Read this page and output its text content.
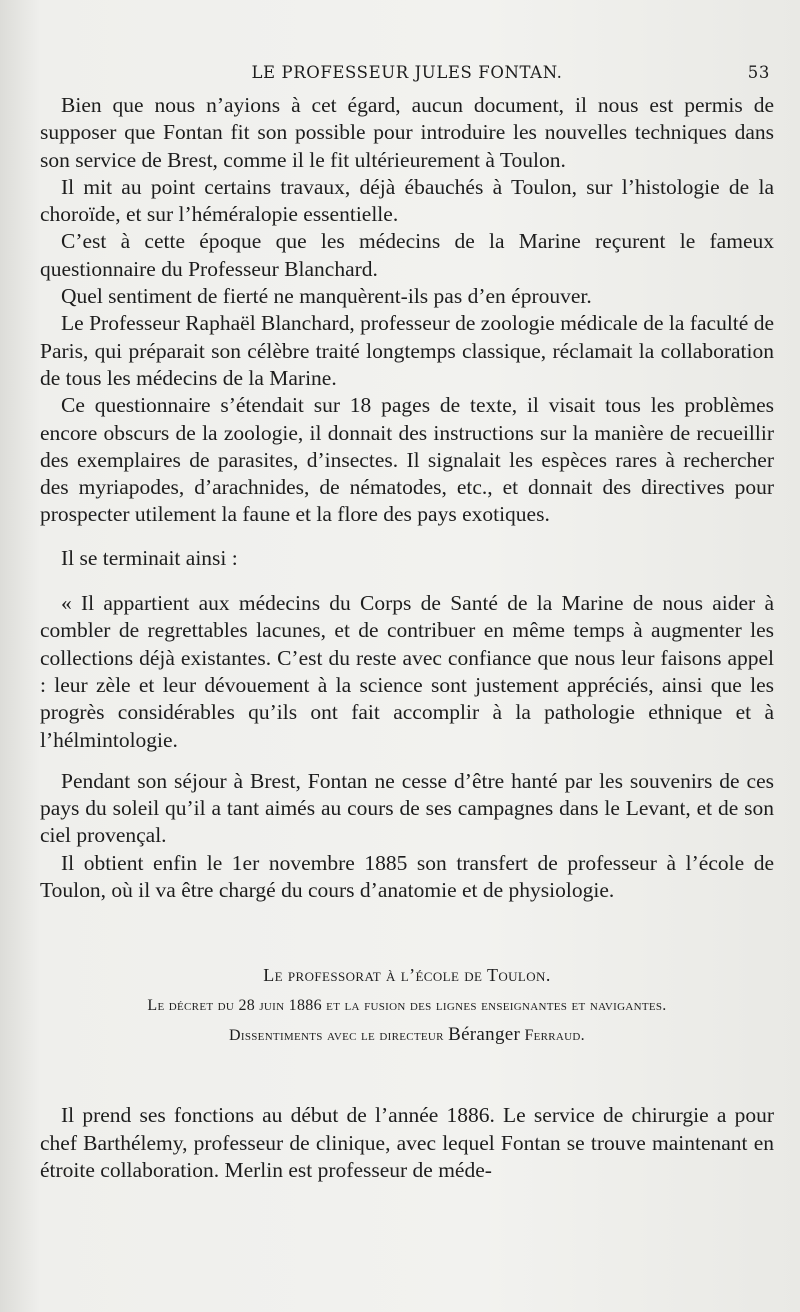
LE PROFESSEUR JULES FONTAN.	53

Bien que nous n’ayions à cet égard, aucun document, il nous est permis de supposer que Fontan fit son possible pour introduire les nouvelles techniques dans son service de Brest, comme il le fit ultérieurement à Toulon.

Il mit au point certains travaux, déjà ébauchés à Toulon, sur l’histologie de la choroïde, et sur l’héméralopie essentielle.

C’est à cette époque que les médecins de la Marine reçurent le fameux questionnaire du Professeur Blanchard.

Quel sentiment de fierté ne manquèrent-ils pas d’en éprouver.

Le Professeur Raphaël Blanchard, professeur de zoologie médicale de la faculté de Paris, qui préparait son célèbre traité longtemps classique, réclamait la collaboration de tous les médecins de la Marine.

Ce questionnaire s’étendait sur 18 pages de texte, il visait tous les problèmes encore obscurs de la zoologie, il donnait des instructions sur la manière de recueillir des exemplaires de parasites, d’insectes. Il signalait les espèces rares à rechercher des myriapodes, d’arachnides, de nématodes, etc., et donnait des directives pour prospecter utilement la faune et la flore des pays exotiques.

Il se terminait ainsi :

« Il appartient aux médecins du Corps de Santé de la Marine de nous aider à combler de regrettables lacunes, et de contribuer en même temps à augmenter les collections déjà existantes. C’est du reste avec confiance que nous leur faisons appel : leur zèle et leur dévouement à la science sont justement appréciés, ainsi que les progrès considérables qu’ils ont fait accomplir à la pathologie ethnique et à l’hélmintologie.

Pendant son séjour à Brest, Fontan ne cesse d’être hanté par les souvenirs de ces pays du soleil qu’il a tant aimés au cours de ses campagnes dans le Levant, et de son ciel provençal.

Il obtient enfin le 1er novembre 1885 son transfert de professeur à l’école de Toulon, où il va être chargé du cours d’anatomie et de physiologie.

Le professorat à l’école de Toulon.
Le décret du 28 juin 1886 et la fusion des lignes enseignantes et navigantes.
Dissentiments avec le directeur Béranger Ferraud.

Il prend ses fonctions au début de l’année 1886. Le service de chirurgie a pour chef Barthélemy, professeur de clinique, avec lequel Fontan se trouve maintenant en étroite collaboration. Merlin est professeur de méde-
